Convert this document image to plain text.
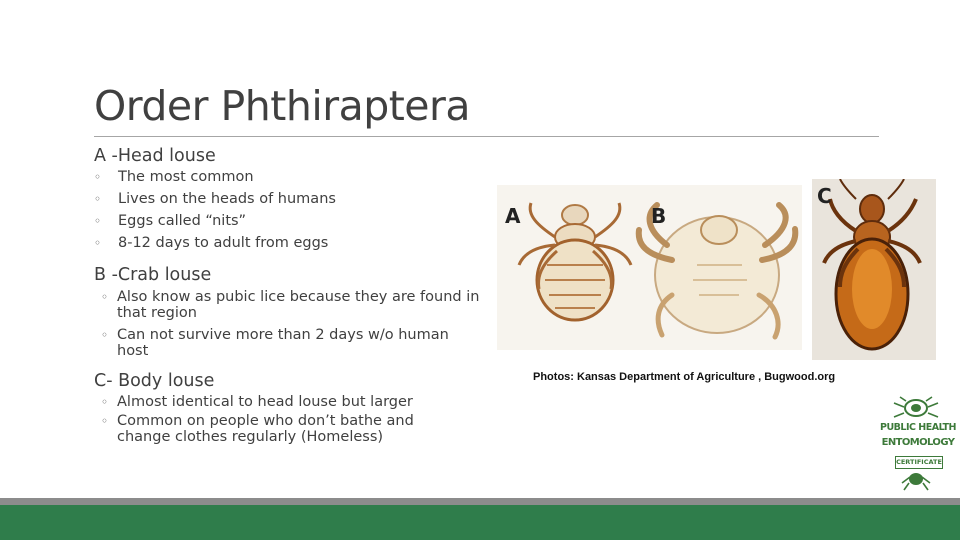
Order Phthiraptera

A -Head louse

◦ The most common
◦ Lives on the heads of humans
◦ Eggs called “nits”
◦ 8-12 days to adult from eggs

B -Crab louse

◦ Also know as pubic lice because they are found in that region
◦ Can not survive more than 2 days w/o human host

C- Body louse

◦ Almost identical to head louse but larger
◦ Common on people who don’t bathe and change clothes regularly (Homeless)
A	B
C
Photos: Kansas Department of Agriculture , Bugwood.org
PUBLIC HEALTH
ENTOMOLOGY
CERTIFICATE
